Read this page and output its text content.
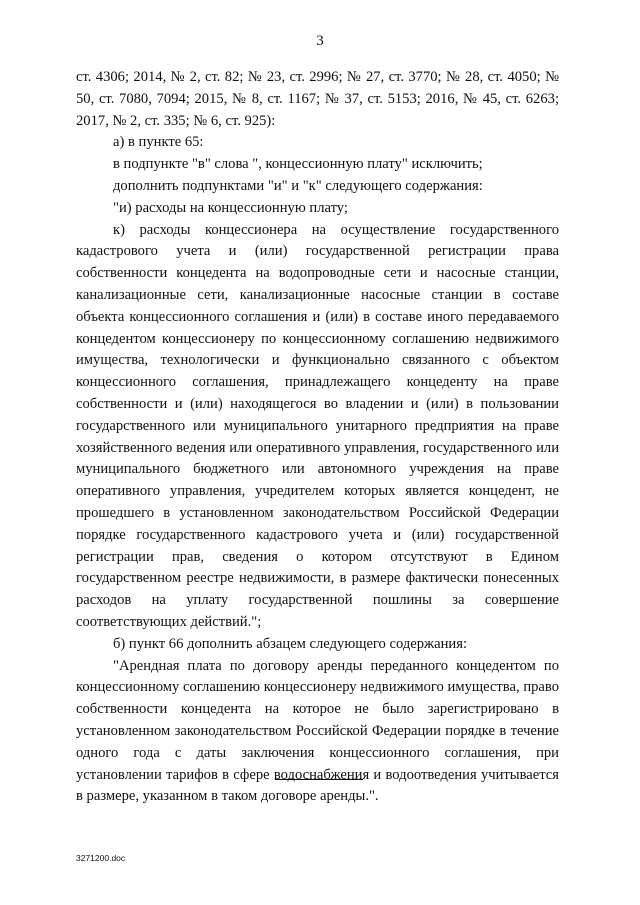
3

ст. 4306; 2014, № 2, ст. 82; № 23, ст. 2996; № 27, ст. 3770; № 28, ст. 4050; № 50, ст. 7080, 7094; 2015, № 8, ст. 1167; № 37, ст. 5153; 2016, № 45, ст. 6263; 2017, № 2, ст. 335; № 6, ст. 925):

а) в пункте 65:

в подпункте "в" слова ", концессионную плату" исключить;

дополнить подпунктами "и" и "к" следующего содержания:

"и) расходы на концессионную плату;

к) расходы концессионера на осуществление государственного кадастрового учета и (или) государственной регистрации права собственности концедента на водопроводные сети и насосные станции, канализационные сети, канализационные насосные станции в составе объекта концессионного соглашения и (или) в составе иного передаваемого концедентом концессионеру по концессионному соглашению недвижимого имущества, технологически и функционально связанного с объектом концессионного соглашения, принадлежащего концеденту на праве собственности и (или) находящегося во владении и (или) в пользовании государственного или муниципального унитарного предприятия на праве хозяйственного ведения или оперативного управления, государственного или муниципального бюджетного или автономного учреждения на праве оперативного управления, учредителем которых является концедент, не прошедшего в установленном законодательством Российской Федерации порядке государственного кадастрового учета и (или) государственной регистрации прав, сведения о котором отсутствуют в Едином государственном реестре недвижимости, в размере фактически понесенных расходов на уплату государственной пошлины за совершение соответствующих действий.";

б) пункт 66 дополнить абзацем следующего содержания:

"Арендная плата по договору аренды переданного концедентом по концессионному соглашению концессионеру недвижимого имущества, право собственности концедента на которое не было зарегистрировано в установленном законодательством Российской Федерации порядке в течение одного года с даты заключения концессионного соглашения, при установлении тарифов в сфере водоснабжения и водоотведения учитывается в размере, указанном в таком договоре аренды.".

3271200.doc
